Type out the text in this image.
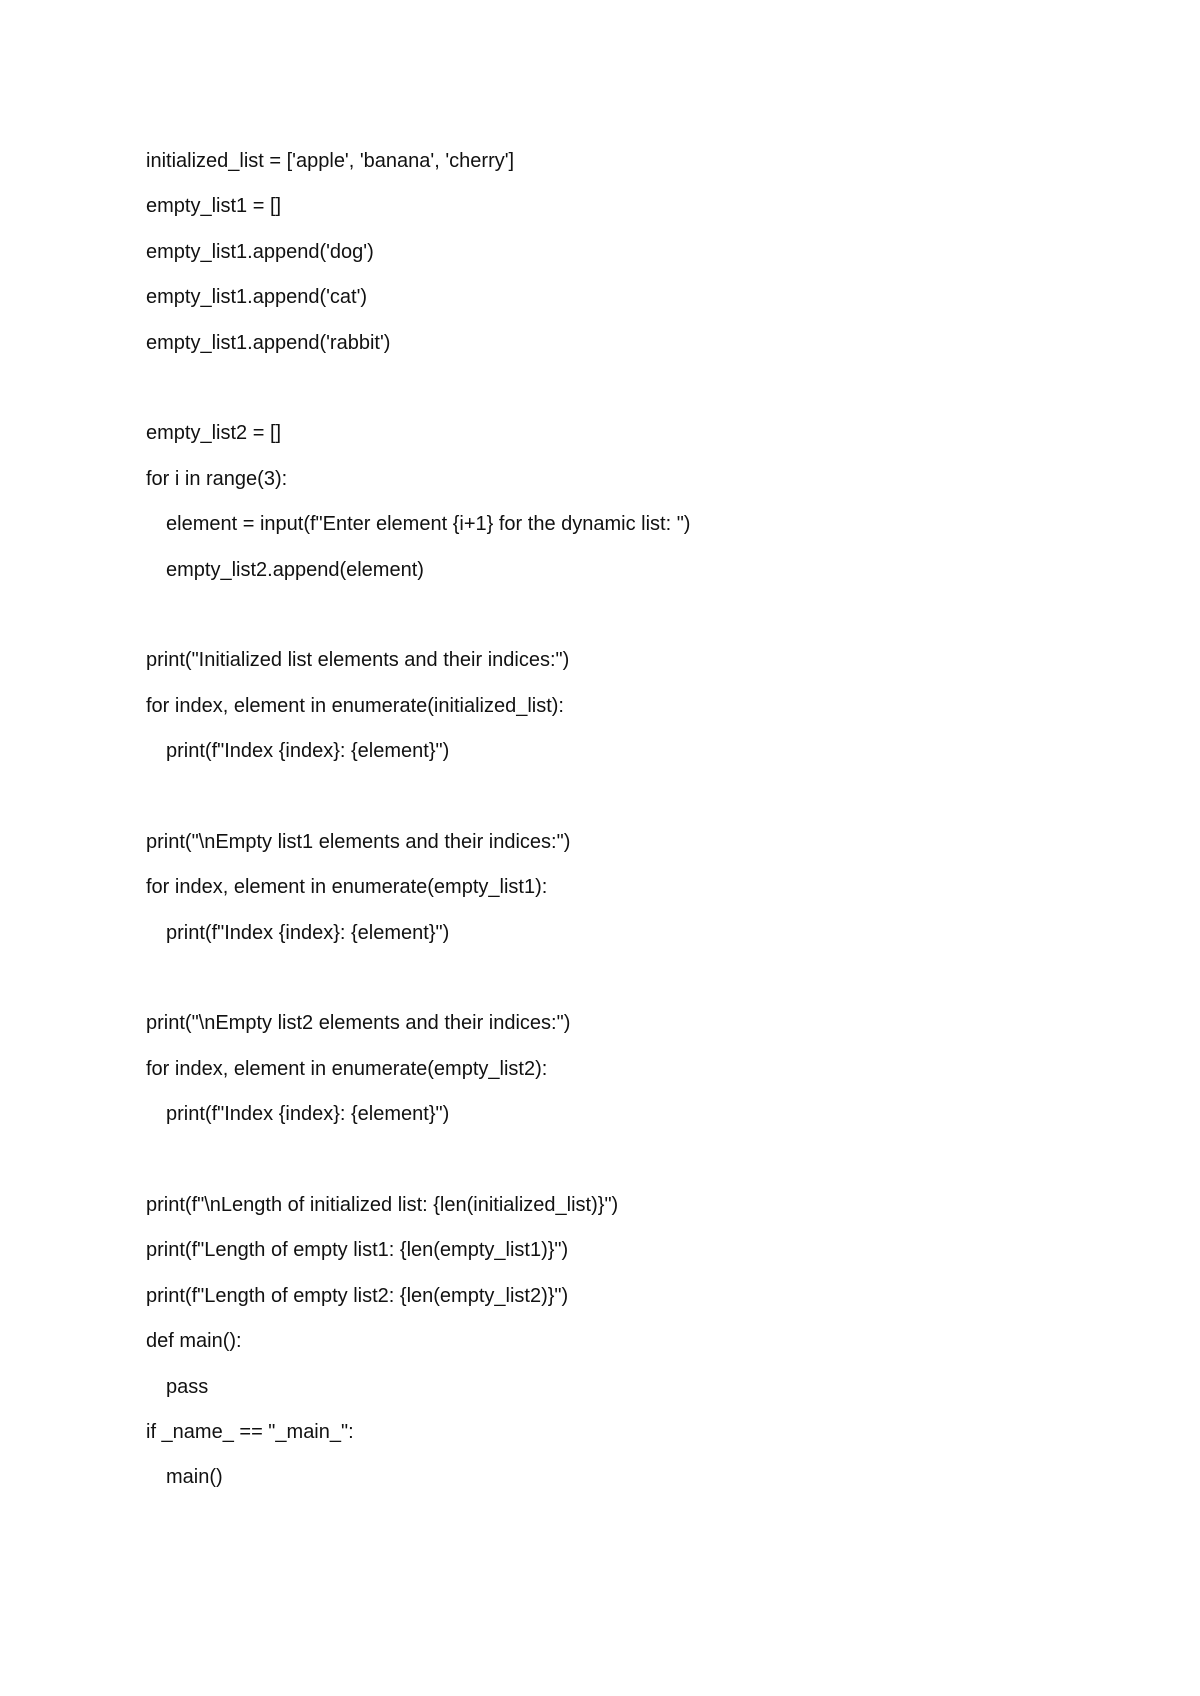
initialized_list = ['apple', 'banana', 'cherry']
empty_list1 = []
empty_list1.append('dog')
empty_list1.append('cat')
empty_list1.append('rabbit')
empty_list2 = []
for i in range(3):
element = input(f"Enter element {i+1} for the dynamic list: ")
empty_list2.append(element)
print("Initialized list elements and their indices:")
for index, element in enumerate(initialized_list):
print(f"Index {index}: {element}")
print("\nEmpty list1 elements and their indices:")
for index, element in enumerate(empty_list1):
print(f"Index {index}: {element}")
print("\nEmpty list2 elements and their indices:")
for index, element in enumerate(empty_list2):
print(f"Index {index}: {element}")
print(f"\nLength of initialized list: {len(initialized_list)}")
print(f"Length of empty list1: {len(empty_list1)}")
print(f"Length of empty list2: {len(empty_list2)}")
def main():
pass
if _name_ == "_main_":
main()
